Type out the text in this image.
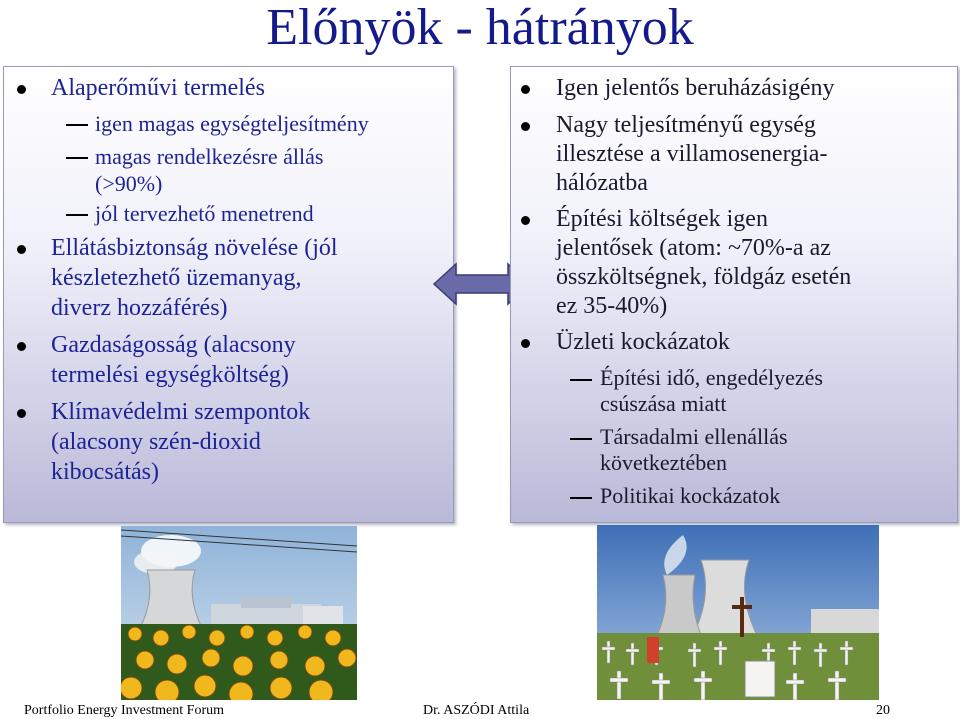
Előnyök - hátrányok
Alaperőművi termelés
igen magas egységteljesítmény
magas rendelkezésre állás
(>90%)
jól tervezhető menetrend
Ellátásbiztonság növelése (jól
készletezhető üzemanyag,
diverz hozzáférés)
Gazdaságosság (alacsony
termelési egységköltség)
Klímavédelmi szempontok
(alacsony szén-dioxid
kibocsátás)
Igen jelentős beruházásigény
Nagy teljesítményű egység
illesztése a villamosenergia-
hálózatba
Építési költségek igen
jelentősek (atom: ~70%-a az
összköltségnek, földgáz esetén
ez 35-40%)
Üzleti kockázatok
Építési idő, engedélyezés
csúszása miatt
Társadalmi ellenállás
következtében
Politikai kockázatok
Portfolio Energy Investment Forum	Dr. ASZÓDI Attila	20
